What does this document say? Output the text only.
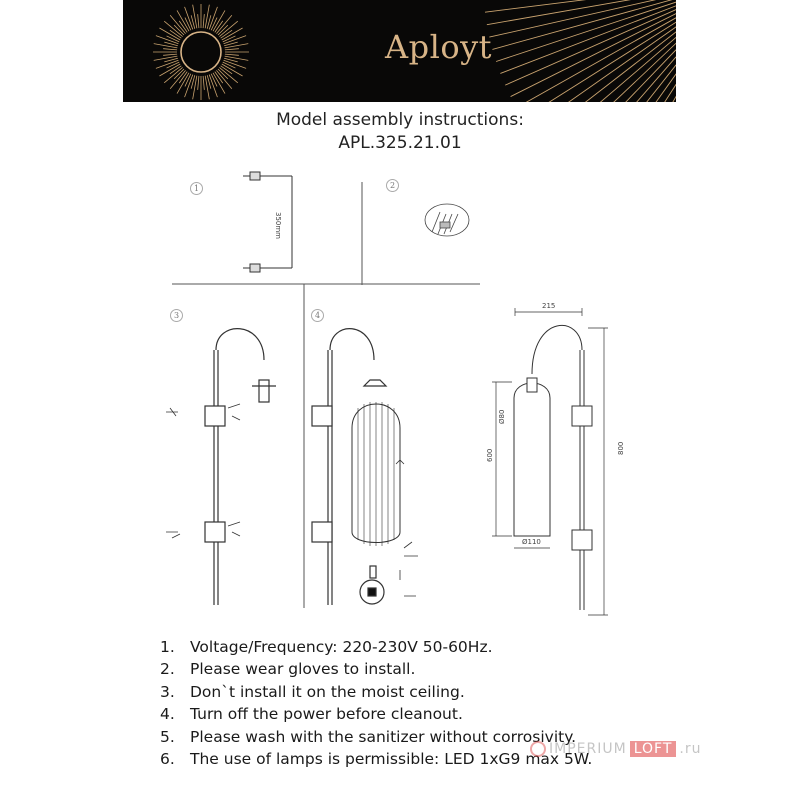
Aployt
Model assembly instructions:
APL.325.21.01
1	2
3	4
350mm
215
800
600
Ø80
Ø110
1. Voltage/Frequency: 220-230V 50-60Hz.
2. Please wear gloves to install.
3. Don`t install it on the moist ceiling.
4. Turn off the power before cleanout.
5. Please wash with the sanitizer without corrosivity.
6. The use of lamps is permissible: LED 1xG9 max 5W.
IMPERIUM LOFT .ru
